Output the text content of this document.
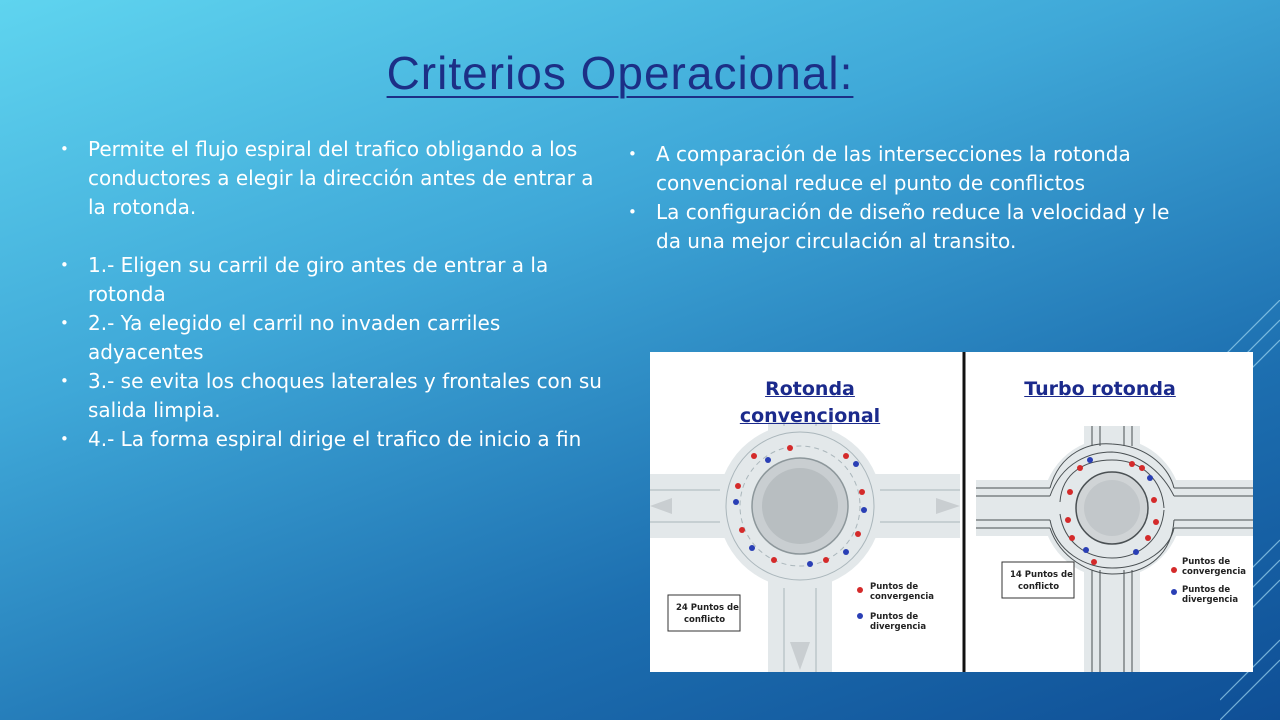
Criterios Operacional:
• Permite el flujo espiral del trafico obligando a los conductores a elegir la dirección antes de entrar a la rotonda.
• 1.- Eligen su carril de giro antes de entrar a la rotonda
• 2.- Ya elegido el carril no invaden carriles adyacentes
• 3.- se evita los choques laterales y frontales con su salida limpia.
• 4.- La forma espiral dirige el trafico de inicio a fin
• A comparación de las intersecciones la rotonda convencional reduce el punto de conflictos
• La configuración de diseño reduce la velocidad y le da una mejor circulación al transito.
Puntos de convergencia
Puntos de divergencia
24 Puntos de conflicto
Puntos de convergencia
Puntos de divergencia
14 Puntos de conflicto
Rotonda convencional
Turbo rotonda
